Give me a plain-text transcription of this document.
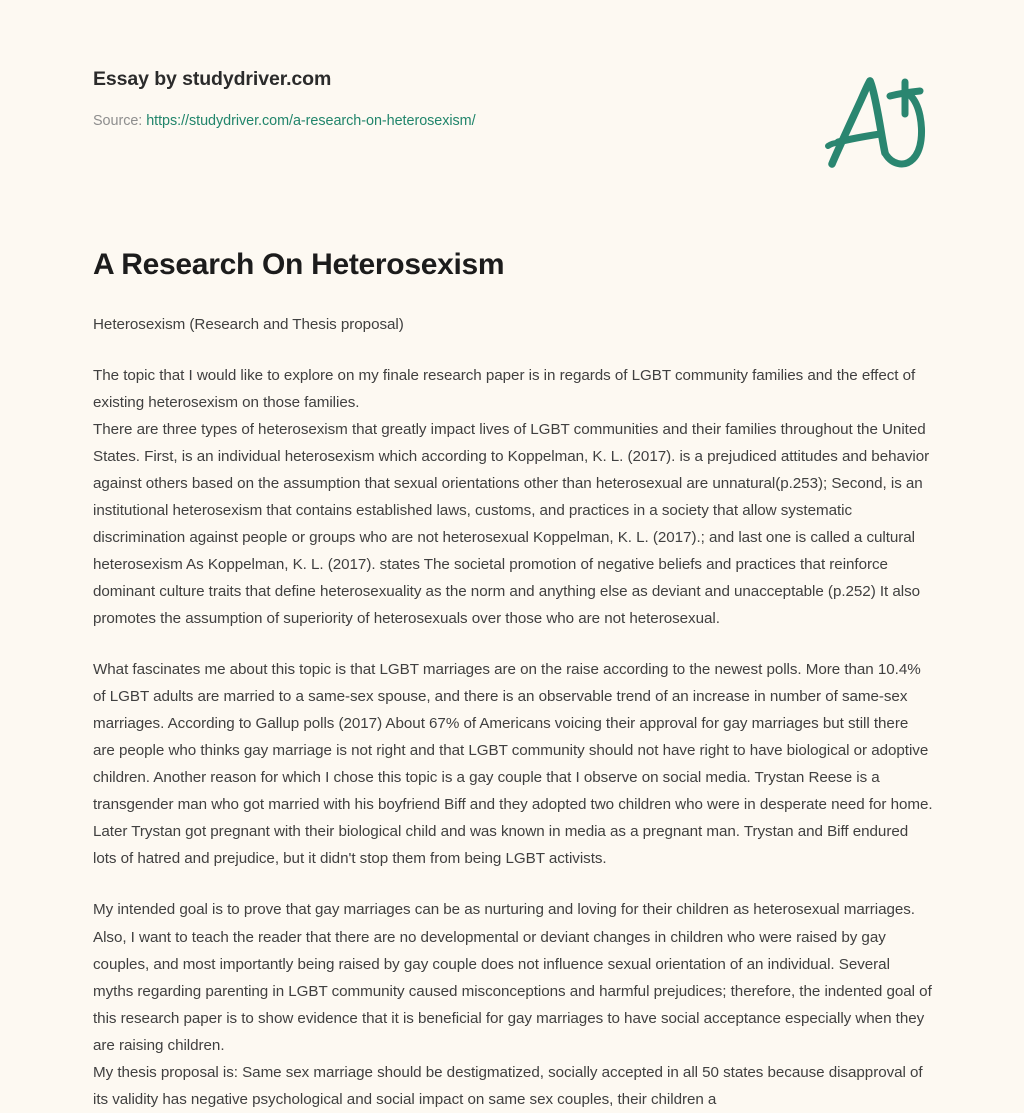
Essay by studydriver.com
Source: https://studydriver.com/a-research-on-heterosexism/
A Research On Heterosexism

Heterosexism (Research and Thesis proposal)

The topic that I would like to explore on my finale research paper is in regards of LGBT community families and the effect of existing heterosexism on those families.

There are three types of heterosexism that greatly impact lives of LGBT communities and their families throughout the United States. First, is an individual heterosexism which according to Koppelman, K. L. (2017). is a prejudiced attitudes and behavior against others based on the assumption that sexual orientations other than heterosexual are unnatural(p.253); Second, is an institutional heterosexism that contains established laws, customs, and practices in a society that allow systematic discrimination against people or groups who are not heterosexual Koppelman, K. L. (2017).; and last one is called a cultural heterosexism As Koppelman, K. L. (2017). states The societal promotion of negative beliefs and practices that reinforce dominant culture traits that define heterosexuality as the norm and anything else as deviant and unacceptable (p.252) It also promotes the assumption of superiority of heterosexuals over those who are not heterosexual.

What fascinates me about this topic is that LGBT marriages are on the raise according to the newest polls. More than 10.4% of LGBT adults are married to a same-sex spouse, and there is an observable trend of an increase in number of same-sex marriages. According to Gallup polls (2017) About 67% of Americans voicing their approval for gay marriages but still there are people who thinks gay marriage is not right and that LGBT community should not have right to have biological or adoptive children. Another reason for which I chose this topic is a gay couple that I observe on social media. Trystan Reese is a transgender man who got married with his boyfriend Biff and they adopted two children who were in desperate need for home. Later Trystan got pregnant with their biological child and was known in media as a pregnant man. Trystan and Biff endured lots of hatred and prejudice, but it didn't stop them from being LGBT activists.

My intended goal is to prove that gay marriages can be as nurturing and loving for their children as heterosexual marriages. Also, I want to teach the reader that there are no developmental or deviant changes in children who were raised by gay couples, and most importantly being raised by gay couple does not influence sexual orientation of an individual. Several myths regarding parenting in LGBT community caused misconceptions and harmful prejudices; therefore, the indented goal of this research paper is to show evidence that it is beneficial for gay marriages to have social acceptance especially when they are raising children.

My thesis proposal is: Same sex marriage should be destigmatized, socially accepted in all 50 states because disapproval of its validity has negative psychological and social impact on same sex couples, their children a
